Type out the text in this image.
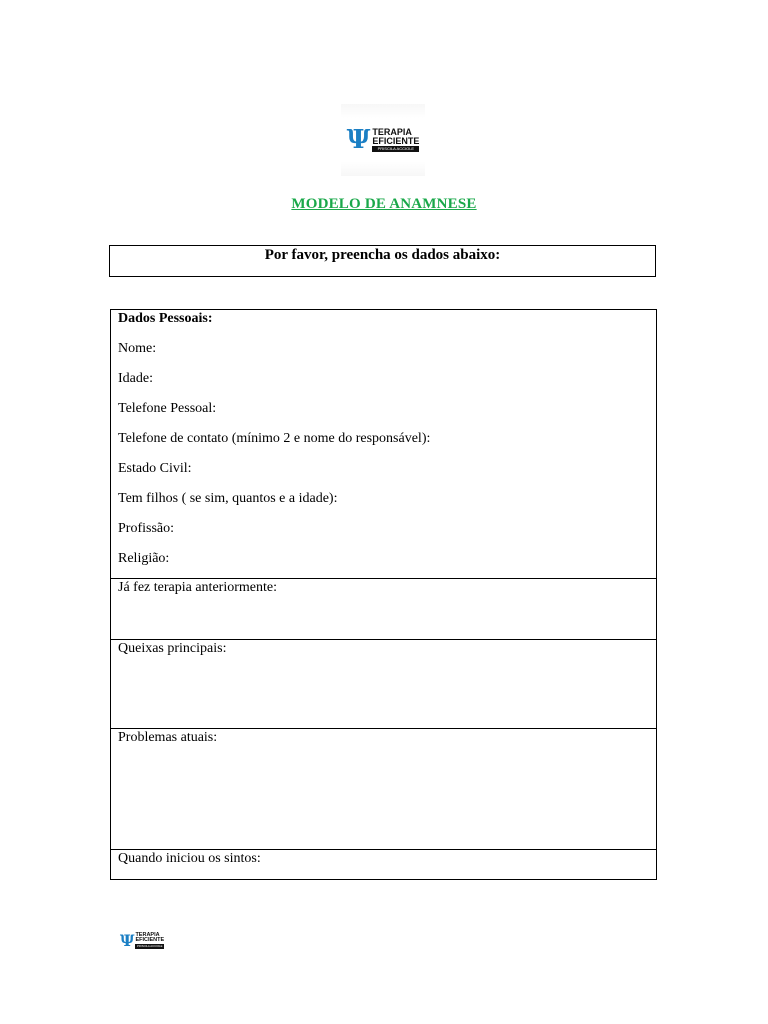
Ψ TERAPIA
EFICIENTE
PRISCILA ACCIOLE
MODELO DE ANAMNESE
Por favor, preencha os dados abaixo:
Dados Pessoais:
Nome:
Idade:
Telefone Pessoal:
Telefone de contato (mínimo 2 e nome do responsável):
Estado Civil:
Tem filhos ( se sim, quantos e a idade):
Profissão:
Religião:
Já fez terapia anteriormente:
Queixas principais:
Problemas atuais:
Quando iniciou os sintos:
Ψ TERAPIA
EFICIENTE
PRISCILA ACCIOLE
